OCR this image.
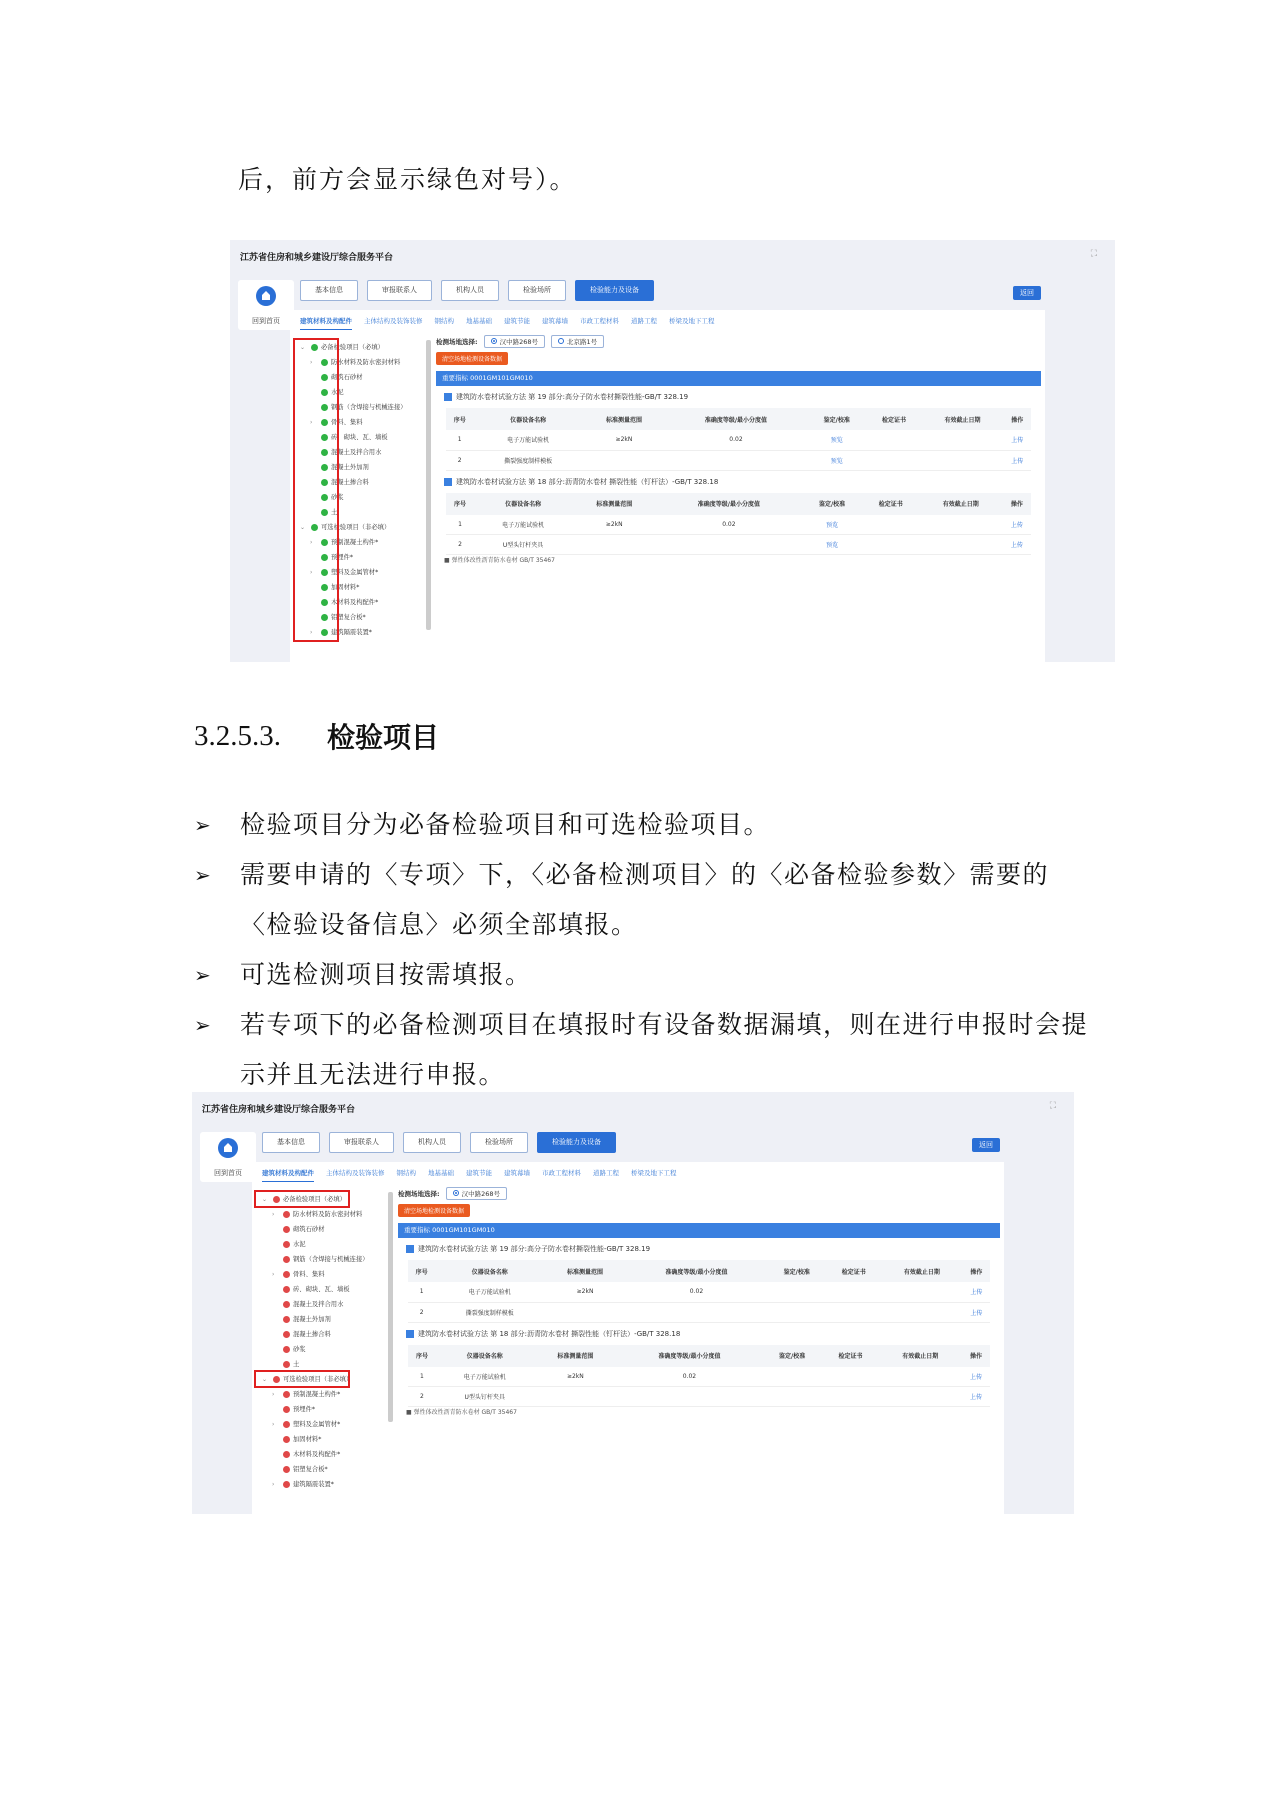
后，前方会显示绿色对号）。
江苏省住房和城乡建设厅综合服务平台	⛶
回到首页
基本信息	审报联系人	机构人员	检验场所	检验能力及设备	返回
建筑材料及构配件 主体结构及装饰装修 钢结构 地基基础 建筑节能 建筑幕墙 市政工程材料 道路工程 桥梁及地下工程
⌄	必备检验项目（必填）
›	防水材料及防水密封材料
砌筑石砂材
水泥
钢筋（含焊接与机械连接）
›	骨料、集料
砖、砌块、瓦、墙板
混凝土及拌合用水
混凝土外加剂
混凝土掺合料
砂浆
土
⌄	可选检验项目（非必填）
›	预制混凝土构件*
预埋件*
›	塑料及金属管材*
加固材料*
木材料及构配件*
铝塑复合板*
›	建筑隔震装置*
检测场地选择:	汉中路268号	北京路1号
清空场地检测设备数据
重要指标 0001GM101GM010
建筑防水卷材试验方法 第 19 部分:高分子防水卷材撕裂性能-GB/T 328.19
序号	仪器设备名称	标准测量范围	准确度等级/最小分度值	鉴定/校准	检定证书	有效截止日期	操作
1	电子万能试验机	≥2kN	0.02	预览			上传
2	撕裂强度制样模板			预览			上传
建筑防水卷材试验方法 第 18 部分:沥青防水卷材 撕裂性能（钉杆法）-GB/T 328.18
序号	仪器设备名称	标准测量范围	准确度等级/最小分度值	鉴定/校准	检定证书	有效截止日期	操作
1	电子万能试验机	≥2kN	0.02	预览			上传
2	U型头钉杆夹具			预览			上传
■ 弹性体改性沥青防水卷材 GB/T 35467
3.2.5.3. 检验项目
➢ 检验项目分为必备检验项目和可选检验项目。
➢ 需要申请的〈专项〉下，〈必备检测项目〉的〈必备检验参数〉需要的〈检验设备信息〉必须全部填报。
➢ 可选检测项目按需填报。
➢ 若专项下的必备检测项目在填报时有设备数据漏填，则在进行申报时会提示并且无法进行申报。
江苏省住房和城乡建设厅综合服务平台	⛶
回到首页
基本信息	审报联系人	机构人员	检验场所	检验能力及设备	返回
建筑材料及构配件 主体结构及装饰装修 钢结构 地基基础 建筑节能 建筑幕墙 市政工程材料 道路工程 桥梁及地下工程
⌄	必备检验项目（必填）
›	防水材料及防水密封材料
砌筑石砂材
水泥
钢筋（含焊接与机械连接）
›	骨料、集料
砖、砌块、瓦、墙板
混凝土及拌合用水
混凝土外加剂
混凝土掺合料
砂浆
土
⌄	可选检验项目（非必填）
›	预制混凝土构件*
预埋件*
›	塑料及金属管材*
加固材料*
木材料及构配件*
铝塑复合板*
›	建筑隔震装置*
检测场地选择:	汉中路268号
清空场地检测设备数据
重要指标 0001GM101GM010
建筑防水卷材试验方法 第 19 部分:高分子防水卷材撕裂性能-GB/T 328.19
序号	仪器设备名称	标准测量范围	准确度等级/最小分度值	鉴定/校准	检定证书	有效截止日期	操作
1	电子万能试验机	≥2kN	0.02				上传
2	撕裂强度制样模板						上传
建筑防水卷材试验方法 第 18 部分:沥青防水卷材 撕裂性能（钉杆法）-GB/T 328.18
序号	仪器设备名称	标准测量范围	准确度等级/最小分度值	鉴定/校准	检定证书	有效截止日期	操作
1	电子万能试验机	≥2kN	0.02				上传
2	U型头钉杆夹具						上传
■ 弹性体改性沥青防水卷材 GB/T 35467
